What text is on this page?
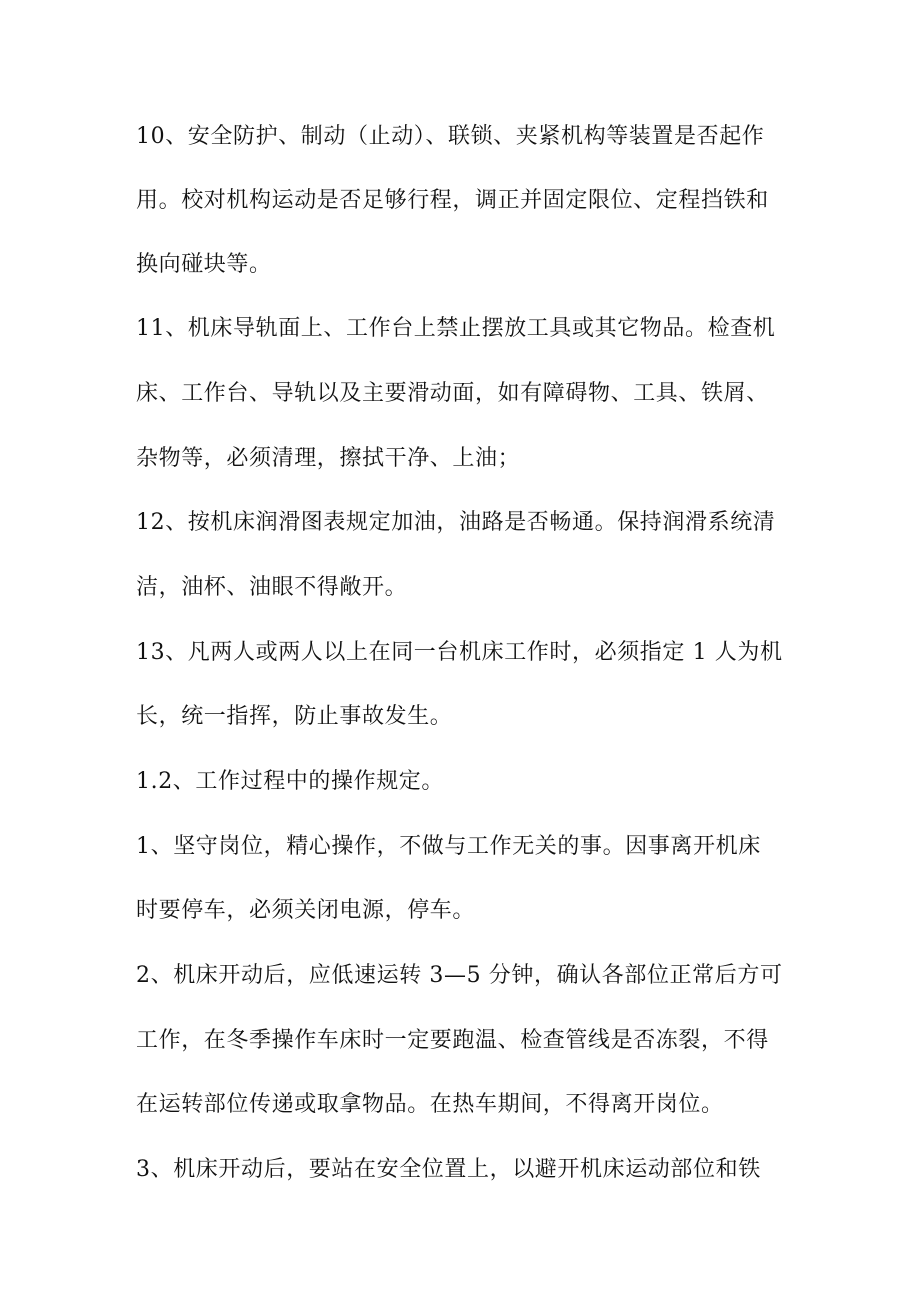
10、安全防护、制动（止动）、联锁、夹紧机构等装置是否起作
用。校对机构运动是否足够行程，调正并固定限位、定程挡铁和
换向碰块等。
11、机床导轨面上、工作台上禁止摆放工具或其它物品。检查机
床、工作台、导轨以及主要滑动面，如有障碍物、工具、铁屑、
杂物等，必须清理，擦拭干净、上油；
12、按机床润滑图表规定加油，油路是否畅通。保持润滑系统清
洁，油杯、油眼不得敞开。
13、凡两人或两人以上在同一台机床工作时，必须指定 1 人为机
长，统一指挥，防止事故发生。
1.2、工作过程中的操作规定。
1、坚守岗位，精心操作，不做与工作无关的事。因事离开机床
时要停车，必须关闭电源，停车。
2、机床开动后，应低速运转 3—5 分钟，确认各部位正常后方可
工作，在冬季操作车床时一定要跑温、检查管线是否冻裂，不得
在运转部位传递或取拿物品。在热车期间，不得离开岗位。
3、机床开动后，要站在安全位置上，以避开机床运动部位和铁
